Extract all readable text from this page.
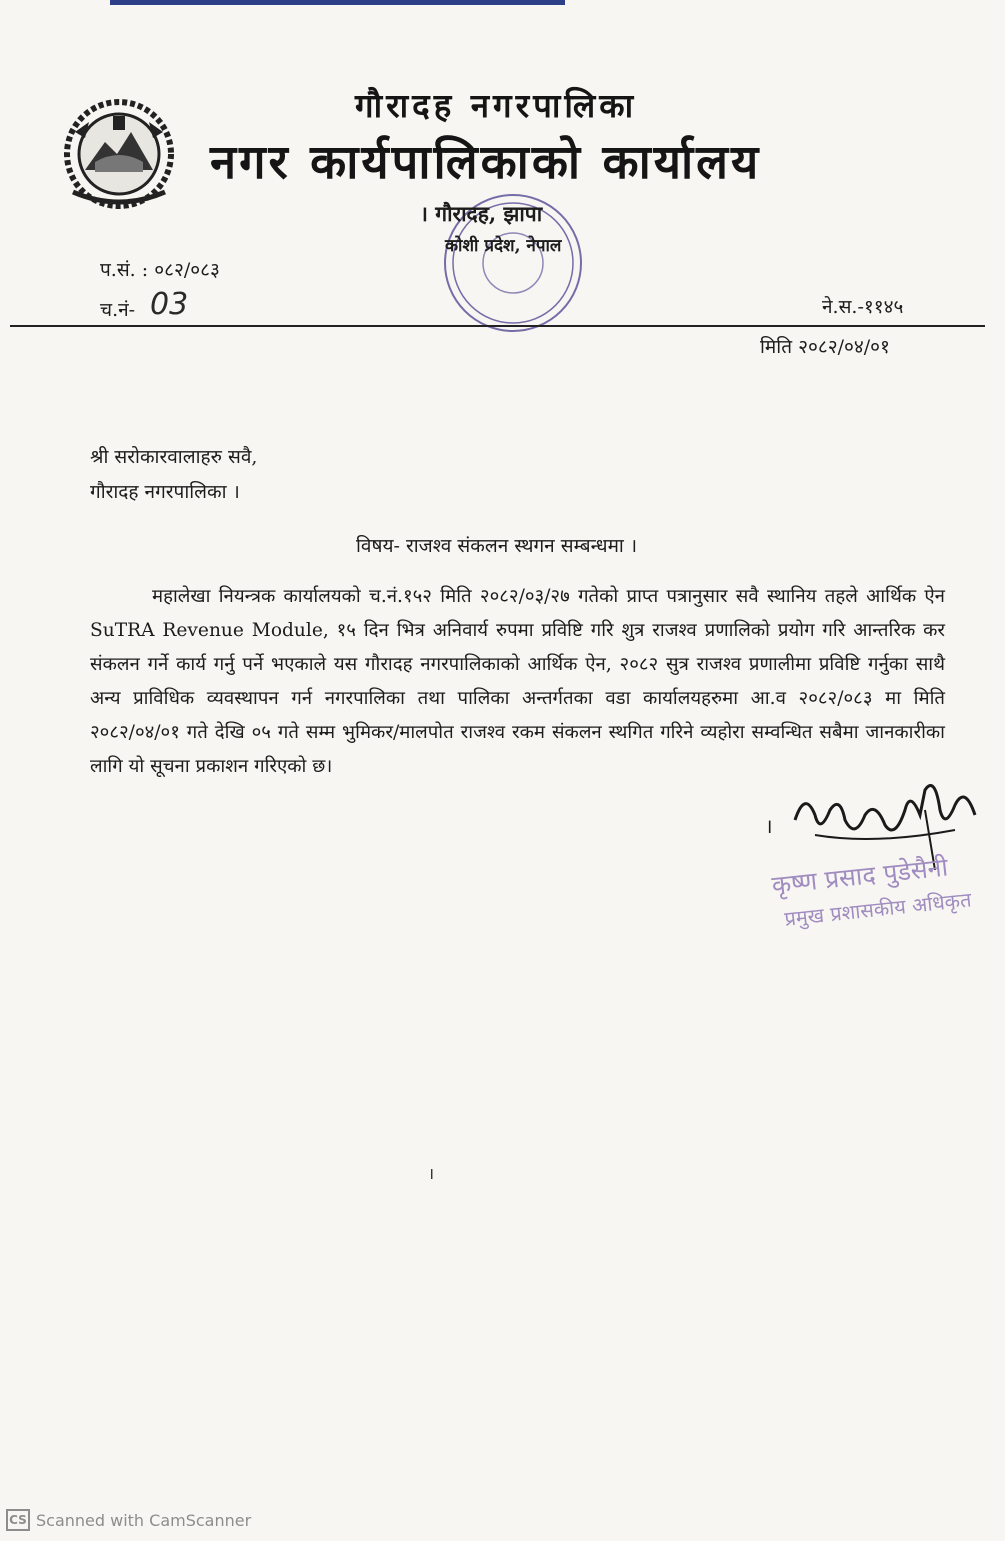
गौरादह नगरपालिका
नगर कार्यपालिकाको कार्यालय
। गौरादह, झापा
कोशी प्रदेश, नेपाल
प.सं. : ०८२/०८३
च.नं- 03	ने.स.-११४५
मिति २०८२/०४/०१
श्री सरोकारवालाहरु सवै,
गौरादह नगरपालिका ।
विषय- राजश्व संकलन स्थगन सम्बन्धमा ।
महालेखा नियन्त्रक कार्यालयको च.नं.१५२ मिति २०८२/०३/२७ गतेको प्राप्त पत्रानुसार सवै स्थानिय तहले आर्थिक ऐन SuTRA Revenue Module, १५ दिन भित्र अनिवार्य रुपमा प्रविष्टि गरि शुत्र राजश्व प्रणालिको प्रयोग गरि आन्तरिक कर संकलन गर्ने कार्य गर्नु पर्ने भएकाले यस गौरादह नगरपालिकाको आर्थिक ऐन, २०८२ सुत्र राजश्व प्रणालीमा प्रविष्टि गर्नुका साथै अन्य प्राविधिक व्यवस्थापन गर्न नगरपालिका तथा पालिका अन्तर्गतका वडा कार्यालयहरुमा आ.व २०८२/०८३ मा मिति २०८२/०४/०१ गते देखि ०५ गते सम्म भुमिकर/मालपोत राजश्व रकम संकलन स्थगित गरिने व्यहोरा सम्वन्धित सबैमा जानकारीका लागि यो सूचना प्रकाशन गरिएको छ।
।
कृष्ण प्रसाद पुडेसैनी
प्रमुख प्रशासकीय अधिकृत
।
CS Scanned with CamScanner
